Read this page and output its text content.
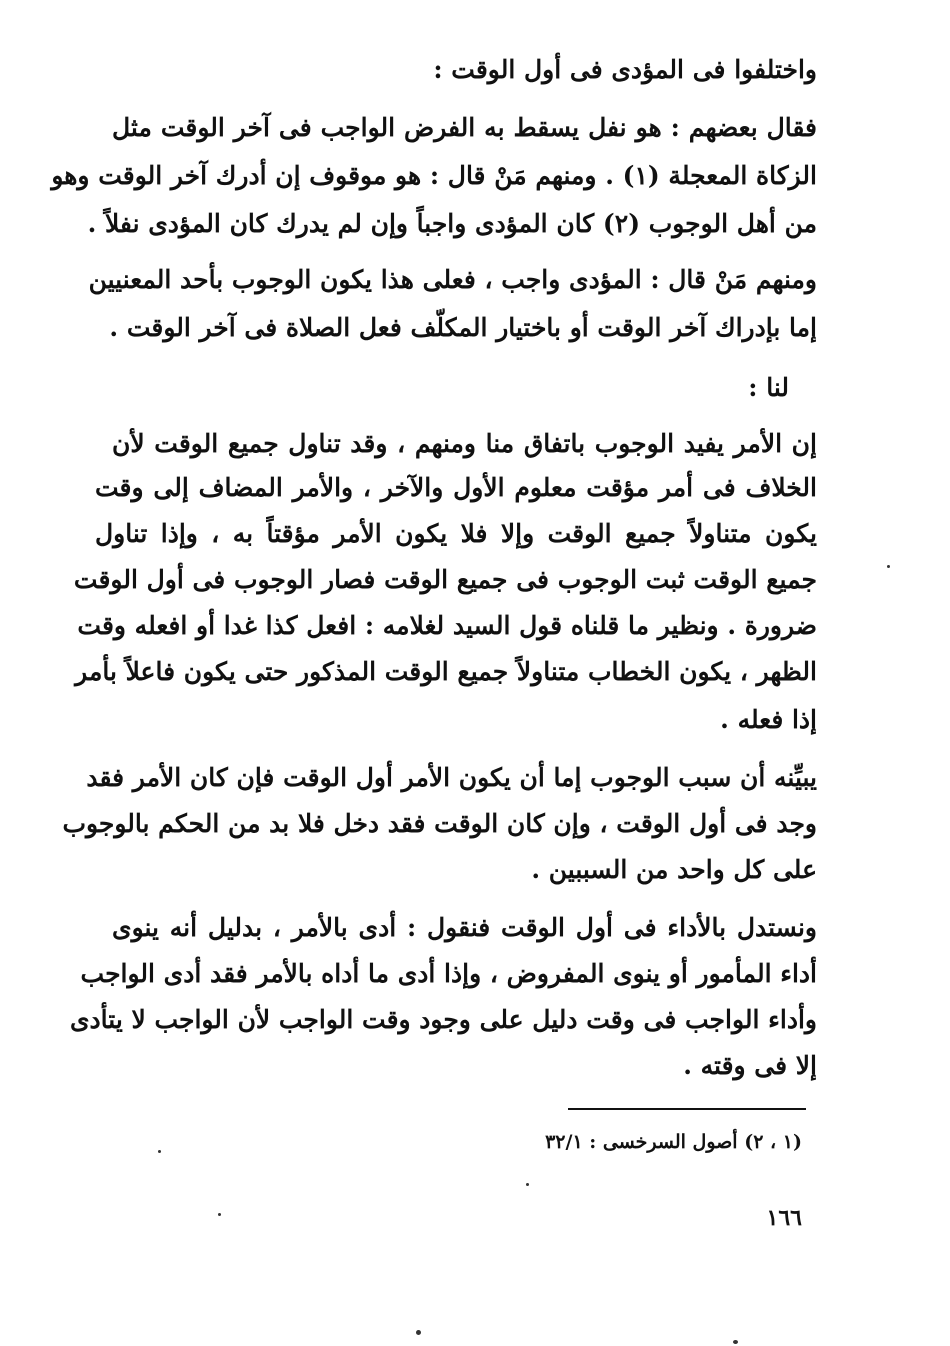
واختلفوا فى المؤدى فى أول الوقت :
فقال بعضهم : هو نفل يسقط به الفرض الواجب فى آخر الوقت مثل
الزكاة المعجلة (١) . ومنهم مَنْ قال : هو موقوف إن أدرك آخر الوقت وهو
من أهل الوجوب (٢) كان المؤدى واجباً وإن لم يدرك كان المؤدى نفلاً .
ومنهم مَنْ قال : المؤدى واجب ، فعلى هذا يكون الوجوب بأحد المعنيين
إما بإدراك آخر الوقت أو باختيار المكلّف فعل الصلاة فى آخر الوقت .
لنا :
إن الأمر يفيد الوجوب باتفاق منا ومنهم ، وقد تناول جميع الوقت لأن
الخلاف فى أمر مؤقت معلوم الأول والآخر ، والأمر المضاف إلى وقت
يكون متناولاً جميع الوقت وإلا فلا يكون الأمر مؤقتاً به ، وإذا تناول
جميع الوقت ثبت الوجوب فى جميع الوقت فصار الوجوب فى أول الوقت
ضرورة . ونظير ما قلناه قول السيد لغلامه : افعل كذا غدا أو افعله وقت
الظهر ، يكون الخطاب متناولاً جميع الوقت المذكور حتى يكون فاعلاً بأمر
إذا فعله .
يبيِّنه أن سبب الوجوب إما أن يكون الأمر أول الوقت فإن كان الأمر فقد
وجد فى أول الوقت ، وإن كان الوقت فقد دخل فلا بد من الحكم بالوجوب
على كل واحد من السببين .
ونستدل بالأداء فى أول الوقت فنقول : أدى بالأمر ، بدليل أنه ينوى
أداء المأمور أو ينوى المفروض ، وإذا أدى ما أداه بالأمر فقد أدى الواجب
وأداء الواجب فى وقت دليل على وجود وقت الواجب لأن الواجب لا يتأدى
إلا فى وقته .
(١ ، ٢) أصول السرخسى : ٣٢/١
١٦٦
